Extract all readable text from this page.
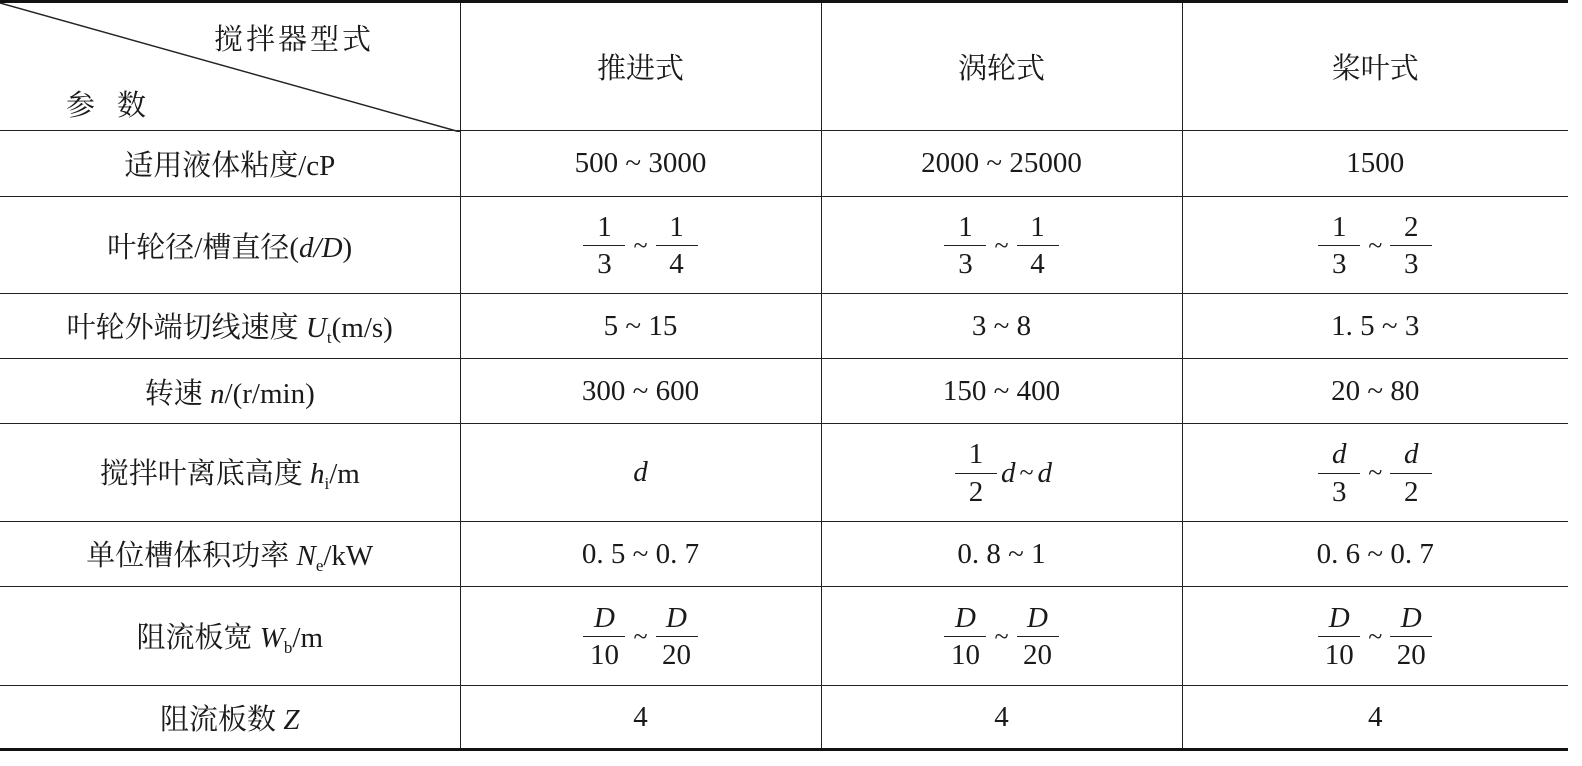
搅拌器型式
参数	推进式	涡轮式	桨叶式
适用液体粘度/cP	500 ~ 3000	2000 ~ 25000	1500
叶轮径/槽直径(d/D)	$\frac{1}{3}$ ~ $\frac{1}{4}$	$\frac{1}{3}$ ~ $\frac{1}{4}$	$\frac{1}{3}$ ~ $\frac{2}{3}$

叶轮外端切线速度 $U_t(m/s)$	5 ~ 15	3 ~ 8	1. 5 ~ 3
转速 n/(r/min)	300 ~ 600	150 ~ 400	20 ~ 80
搅拌叶离底高度 $h_i/m$	d	$\frac{1}{2}$ d ~ d	$\frac{d}{3}$ ~ $\frac{d}{2}$

单位槽体积功率 $N_e/kW$	0. 5 ~ 0. 7	0. 8 ~ 1	0. 6 ~ 0. 7
阻流板宽 $W_b/m$	$\frac{D}{10}$ ~ $\frac{D}{20}$	$\frac{D}{10}$ ~ $\frac{D}{20}$	$\frac{D}{10}$ ~ $\frac{D}{20}$

阻流板数 Z	4	4	4
